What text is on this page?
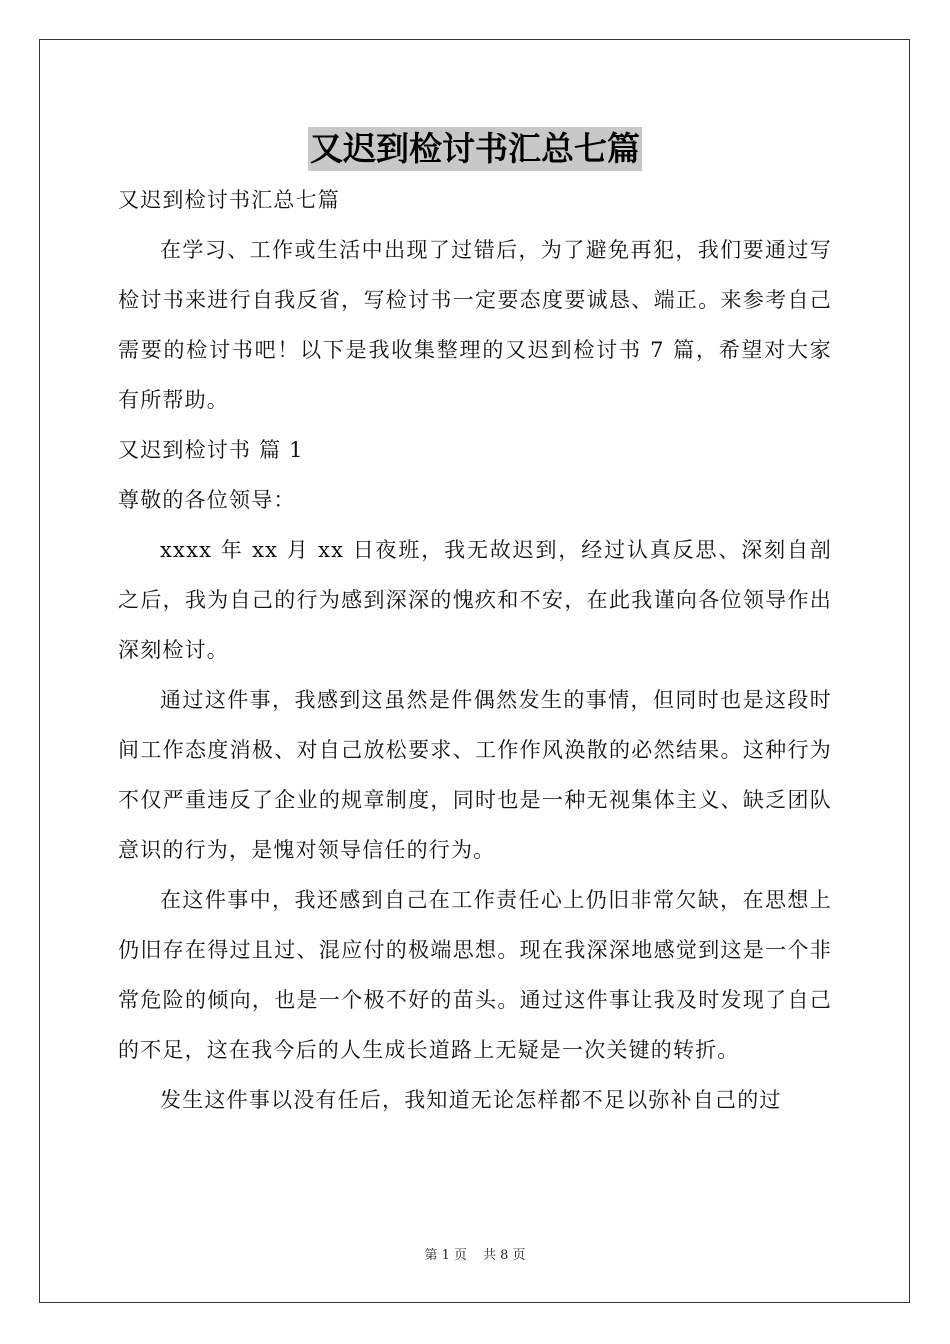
又迟到检讨书汇总七篇

又迟到检讨书汇总七篇

在学习、工作或生活中出现了过错后，为了避免再犯，我们要通过写检讨书来进行自我反省，写检讨书一定要态度要诚恳、端正。来参考自己需要的检讨书吧！以下是我收集整理的又迟到检讨书 7 篇，希望对大家有所帮助。

又迟到检讨书 篇 1

尊敬的各位领导：

xxxx 年 xx 月 xx 日夜班，我无故迟到，经过认真反思、深刻自剖之后，我为自己的行为感到深深的愧疚和不安，在此我谨向各位领导作出深刻检讨。

通过这件事，我感到这虽然是件偶然发生的事情，但同时也是这段时间工作态度消极、对自己放松要求、工作作风涣散的必然结果。这种行为不仅严重违反了企业的规章制度，同时也是一种无视集体主义、缺乏团队意识的行为，是愧对领导信任的行为。

在这件事中，我还感到自己在工作责任心上仍旧非常欠缺，在思想上仍旧存在得过且过、混应付的极端思想。现在我深深地感觉到这是一个非常危险的倾向，也是一个极不好的苗头。通过这件事让我及时发现了自己的不足，这在我今后的人生成长道路上无疑是一次关键的转折。

发生这件事以没有任后，我知道无论怎样都不足以弥补自己的过

第 1 页 共 8 页
